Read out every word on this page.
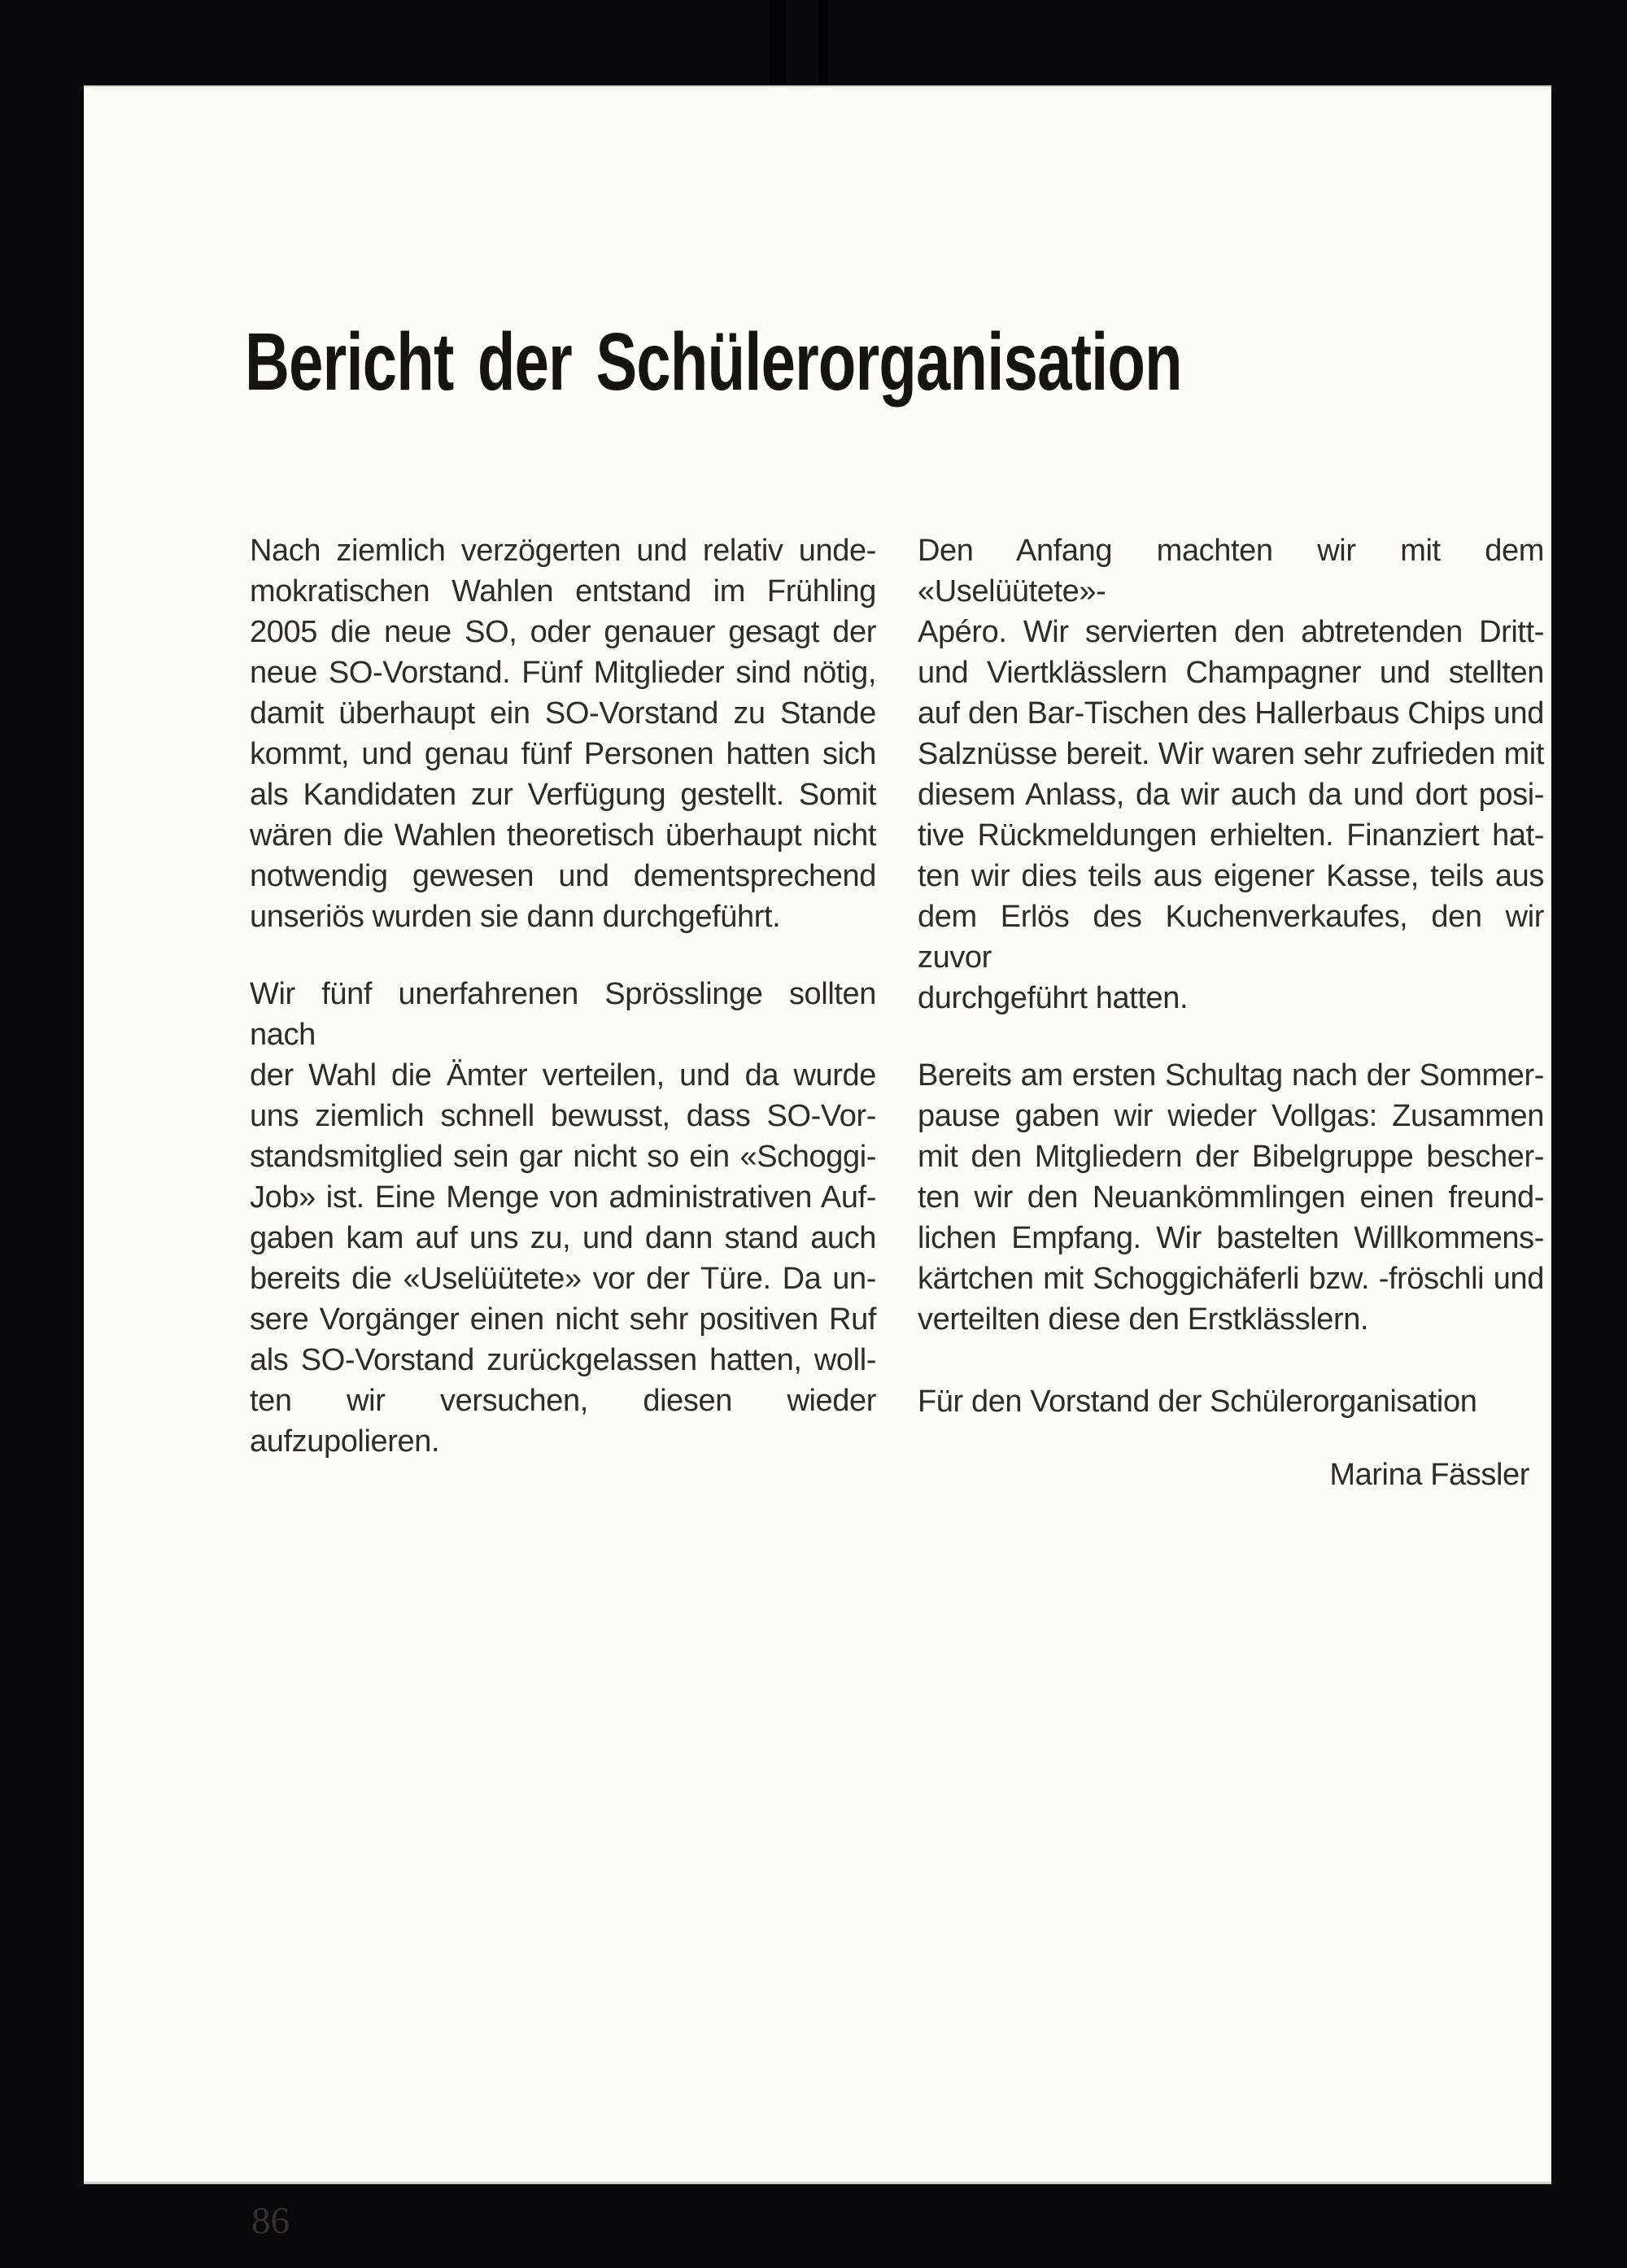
Bericht der Schülerorganisation
Nach ziemlich verzögerten und relativ unde-
mokratischen Wahlen entstand im Frühling
2005 die neue SO, oder genauer gesagt der
neue SO-Vorstand. Fünf Mitglieder sind nötig,
damit überhaupt ein SO-Vorstand zu Stande
kommt, und genau fünf Personen hatten sich
als Kandidaten zur Verfügung gestellt. Somit
wären die Wahlen theoretisch überhaupt nicht
notwendig gewesen und dementsprechend
unseriös wurden sie dann durchgeführt.
Wir fünf unerfahrenen Sprösslinge sollten nach
der Wahl die Ämter verteilen, und da wurde
uns ziemlich schnell bewusst, dass SO-Vor-
standsmitglied sein gar nicht so ein «Schoggi-
Job» ist. Eine Menge von administrativen Auf-
gaben kam auf uns zu, und dann stand auch
bereits die «Uselüütete» vor der Türe. Da un-
sere Vorgänger einen nicht sehr positiven Ruf
als SO-Vorstand zurückgelassen hatten, woll-
ten wir versuchen, diesen wieder aufzupolieren.
Den Anfang machten wir mit dem «Uselüütete»-
Apéro. Wir servierten den abtretenden Dritt-
und Viertklässlern Champagner und stellten
auf den Bar-Tischen des Hallerbaus Chips und
Salznüsse bereit. Wir waren sehr zufrieden mit
diesem Anlass, da wir auch da und dort posi-
tive Rückmeldungen erhielten. Finanziert hat-
ten wir dies teils aus eigener Kasse, teils aus
dem Erlös des Kuchenverkaufes, den wir zuvor
durchgeführt hatten.
Bereits am ersten Schultag nach der Sommer-
pause gaben wir wieder Vollgas: Zusammen
mit den Mitgliedern der Bibelgruppe bescher-
ten wir den Neuankömmlingen einen freund-
lichen Empfang. Wir bastelten Willkommens-
kärtchen mit Schoggichäferli bzw. -fröschli und
verteilten diese den Erstklässlern.
Für den Vorstand der Schülerorganisation
Marina Fässler
86
